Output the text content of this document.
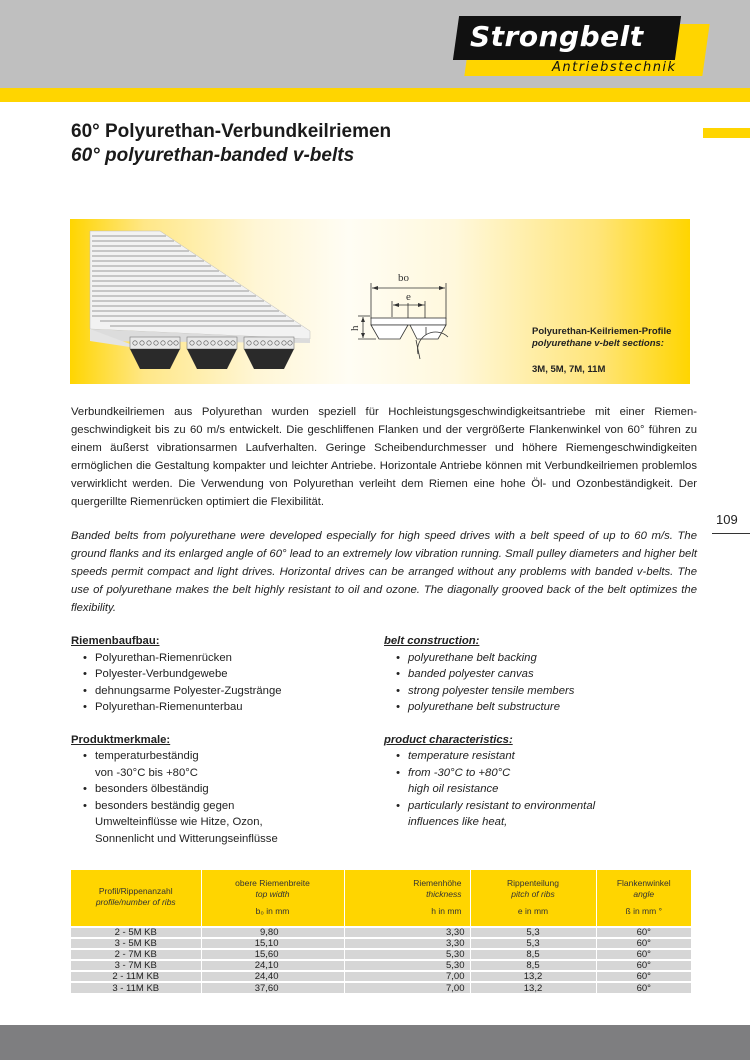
Strongbelt
Antriebstechnik
60° Polyurethan-Verbundkeilriemen
60° polyurethan-banded v-belts
bo
e
h	Polyurethan-Keilriemen-Profile
polyurethane v-belt sections:
3M, 5M, 7M, 11M

Verbundkeilriemen aus Polyurethan wurden speziell für Hochleistungsgeschwindigkeitsantriebe mit einer Riemengeschwindigkeit bis zu 60 m/s entwickelt. Die geschliffenen Flanken und der vergrößerte Flankenwinkel von 60° führen zu einem äußerst vibrationsarmen Laufverhalten. Geringe Scheibendurchmesser und höhere Riemengeschwindigkeiten ermöglichen die Gestaltung kompakter und leichter Antriebe. Horizontale Antriebe können mit Verbundkeilriemen problemlos verwirklicht werden. Die Verwendung von Polyurethan verleiht dem Riemen eine hohe Öl- und Ozonbeständigkeit. Der quergerillte Riemenrücken optimiert die Flexibilität.

Banded belts from polyurethane were developed especially for high speed drives with a belt speed of up to 60 m/s. The ground flanks and its enlarged angle of 60° lead to an extremely low vibration running. Small pulley diameters and higher belt speeds permit compact and light drives. Horizontal drives can be arranged without any problems with banded v-belts. The use of polyurethane makes the belt highly resistant to oil and ozone. The diagonally grooved back of the belt optimizes the flexibility.

109
Riemenbaufbau:
• Polyurethan-Riemenrücken
• Polyester-Verbundgewebe
• dehnungsarme Polyester-Zugstränge
• Polyurethan-Riemenunterbau
Produktmerkmale:
• temperaturbeständig
von -30°C bis +80°C
• besonders ölbeständig
• besonders beständig gegen
Umwelteinflüsse wie Hitze, Ozon,
Sonnenlicht und Witterungseinflüsse
belt construction:
• polyurethane belt backing
• banded polyester canvas
• strong polyester tensile members
• polyurethane belt substructure
product characteristics:
• temperature resistant
• from -30°C to +80°C
high oil resistance
• particularly resistant to environmental
influences like heat,
Profil/Rippenanzahl
profile/number of ribs

obere Riemenbreite
top width
b₀ in mm

Riemenhöhe
thickness
h in mm

Rippenteilung
pitch of ribs
e in mm

Flankenwinkel
angle
ß in mm °

2 - 5M KB	9,80	3,30	5,3	60°
3 - 5M KB	15,10	3,30	5,3	60°
2 - 7M KB	15,60	5,30	8,5	60°
3 - 7M KB	24,10	5,30	8,5	60°
2 - 11M KB	24,40	7,00	13,2	60°
3 - 11M KB	37,60	7,00	13,2	60°
